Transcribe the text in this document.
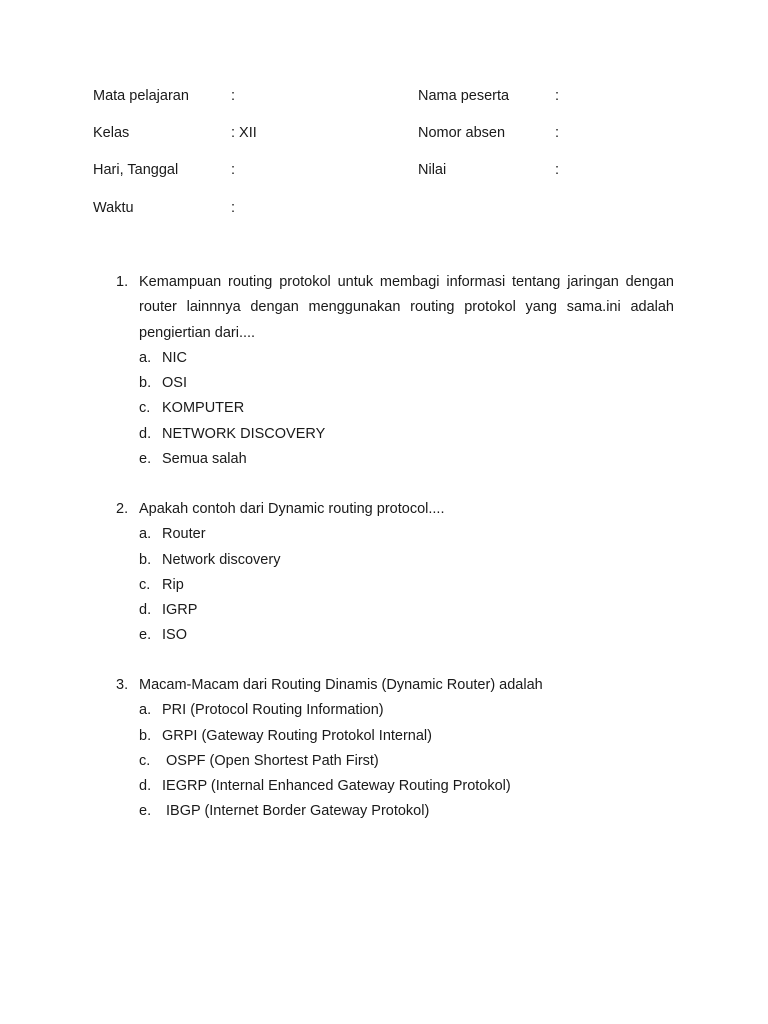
Mata pelajaran	:
Kelas	: XII
Hari, Tanggal	:
Waktu	:
Nama peserta	:
Nomor absen	:
Nilai	:
1. Kemampuan routing protokol untuk membagi informasi tentang jaringan dengan router lainnnya dengan menggunakan routing protokol yang sama.ini adalah pengiertian dari....
a. NIC
b. OSI
c. KOMPUTER
d. NETWORK DISCOVERY
e. Semua salah
2. Apakah contoh dari Dynamic routing protocol....
a. Router
b. Network discovery
c. Rip
d. IGRP
e. ISO
3. Macam-Macam dari Routing Dinamis (Dynamic Router) adalah
a. PRI (Protocol Routing Information)
b. GRPI (Gateway Routing Protokol Internal)
c. OSPF (Open Shortest Path First)
d. IEGRP (Internal Enhanced Gateway Routing Protokol)
e. IBGP (Internet Border Gateway Protokol)
